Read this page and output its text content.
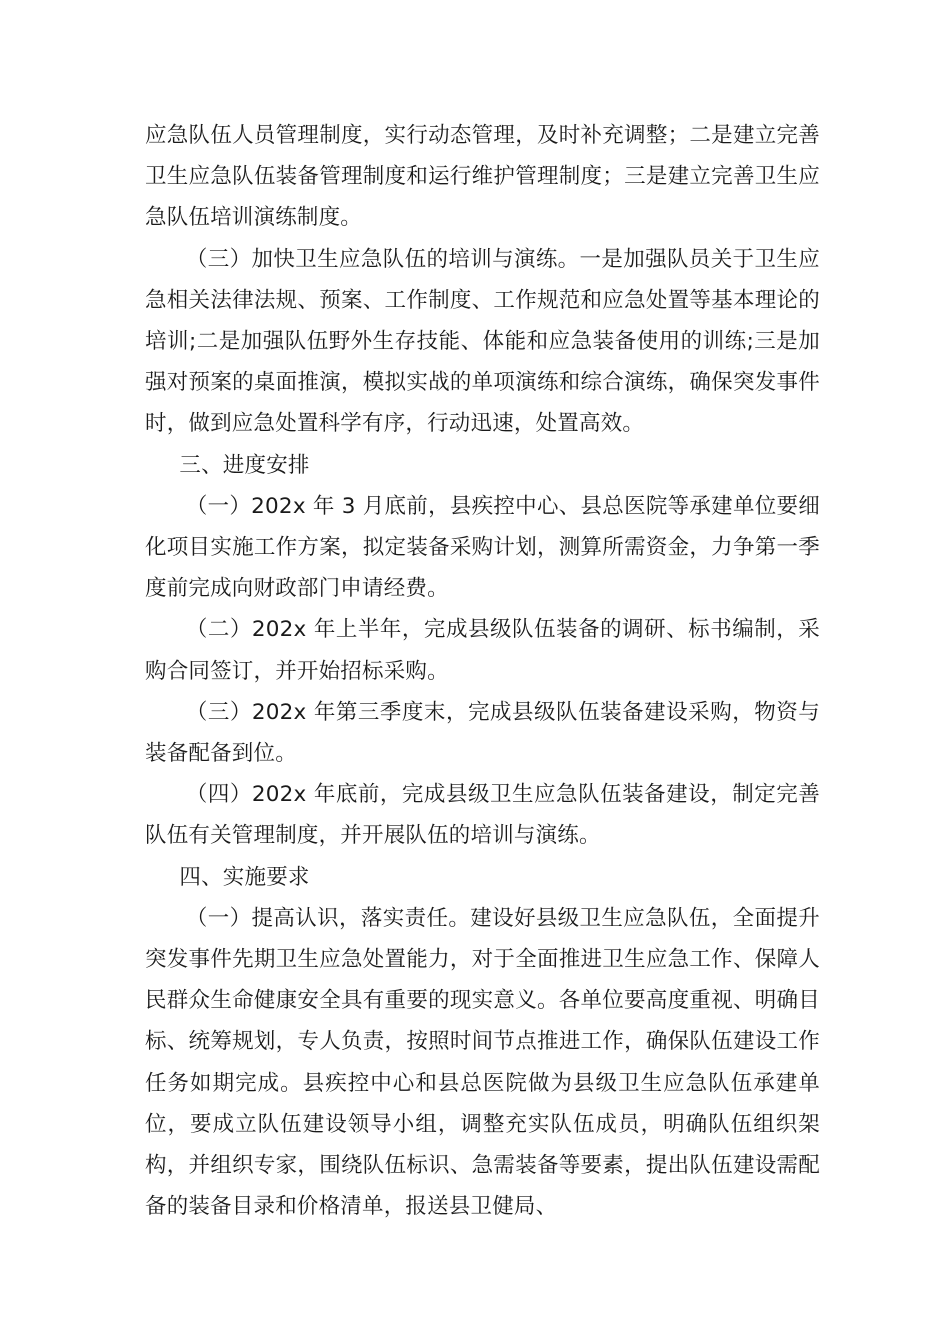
应急队伍人员管理制度，实行动态管理，及时补充调整；二是建立完善卫生应急队伍装备管理制度和运行维护管理制度；三是建立完善卫生应急队伍培训演练制度。

（三）加快卫生应急队伍的培训与演练。一是加强队员关于卫生应急相关法律法规、预案、工作制度、工作规范和应急处置等基本理论的培训;二是加强队伍野外生存技能、体能和应急装备使用的训练;三是加强对预案的桌面推演，模拟实战的单项演练和综合演练，确保突发事件时，做到应急处置科学有序，行动迅速，处置高效。

三、进度安排

（一）202x 年 3 月底前，县疾控中心、县总医院等承建单位要细化项目实施工作方案，拟定装备采购计划，测算所需资金，力争第一季度前完成向财政部门申请经费。

（二）202x 年上半年，完成县级队伍装备的调研、标书编制，采购合同签订，并开始招标采购。

（三）202x 年第三季度末，完成县级队伍装备建设采购，物资与装备配备到位。

（四）202x 年底前，完成县级卫生应急队伍装备建设，制定完善队伍有关管理制度，并开展队伍的培训与演练。

四、实施要求

（一）提高认识，落实责任。建设好县级卫生应急队伍，全面提升突发事件先期卫生应急处置能力，对于全面推进卫生应急工作、保障人民群众生命健康安全具有重要的现实意义。各单位要高度重视、明确目标、统筹规划，专人负责，按照时间节点推进工作，确保队伍建设工作任务如期完成。县疾控中心和县总医院做为县级卫生应急队伍承建单位，要成立队伍建设领导小组，调整充实队伍成员，明确队伍组织架构，并组织专家，围绕队伍标识、急需装备等要素，提出队伍建设需配备的装备目录和价格清单，报送县卫健局、
